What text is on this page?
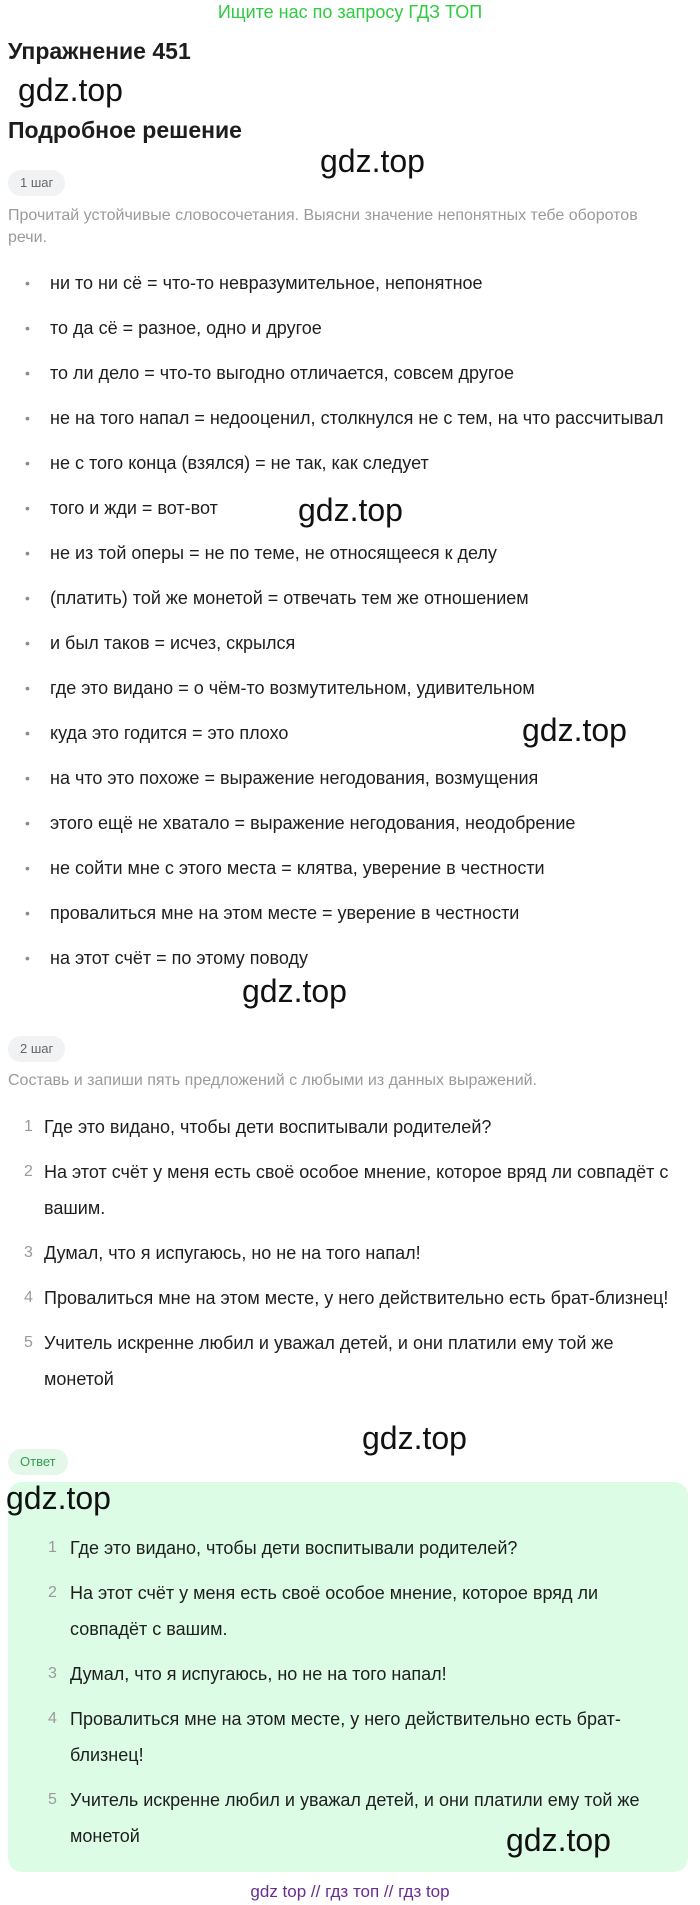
Ищите нас по запросу ГДЗ ТОП
Упражнение 451
gdz.top
Подробное решение
gdz.top
1 шаг
Прочитай устойчивые словосочетания. Выясни значение непонятных тебе оборотов речи.
• ни то ни сё = что-то невразумительное, непонятное
• то да сё = разное, одно и другое
• то ли дело = что-то выгодно отличается, совсем другое
• не на того напал = недооценил, столкнулся не с тем, на что рассчитывал
• не с того конца (взялся) = не так, как следует
• того и жди = вот-вот
• не из той оперы = не по теме, не относящееся к делу
• (платить) той же монетой = отвечать тем же отношением
• и был таков = исчез, скрылся
• где это видано = о чём-то возмутительном, удивительном
• куда это годится = это плохо
• на что это похоже = выражение негодования, возмущения
• этого ещё не хватало = выражение негодования, неодобрение
• не сойти мне с этого места = клятва, уверение в честности
• провалиться мне на этом месте = уверение в честности
• на этот счёт = по этому поводу
gdz.top
gdz.top
gdz.top
2 шаг
Составь и запиши пять предложений с любыми из данных выражений.
1 Где это видано, чтобы дети воспитывали родителей?
2 На этот счёт у меня есть своё особое мнение, которое вряд ли совпадёт с вашим.
3 Думал, что я испугаюсь, но не на того напал!
4 Провалиться мне на этом месте, у него действительно есть брат-близнец!
5 Учитель искренне любил и уважал детей, и они платили ему той же монетой
gdz.top
Ответ
gdz.top
1 Где это видано, чтобы дети воспитывали родителей?
2 На этот счёт у меня есть своё особое мнение, которое вряд ли совпадёт с вашим.
3 Думал, что я испугаюсь, но не на того напал!
4 Провалиться мне на этом месте, у него действительно есть брат-близнец!
5 Учитель искренне любил и уважал детей, и они платили ему той же монетой	gdz.top
gdz top // гдз топ // гдз top
